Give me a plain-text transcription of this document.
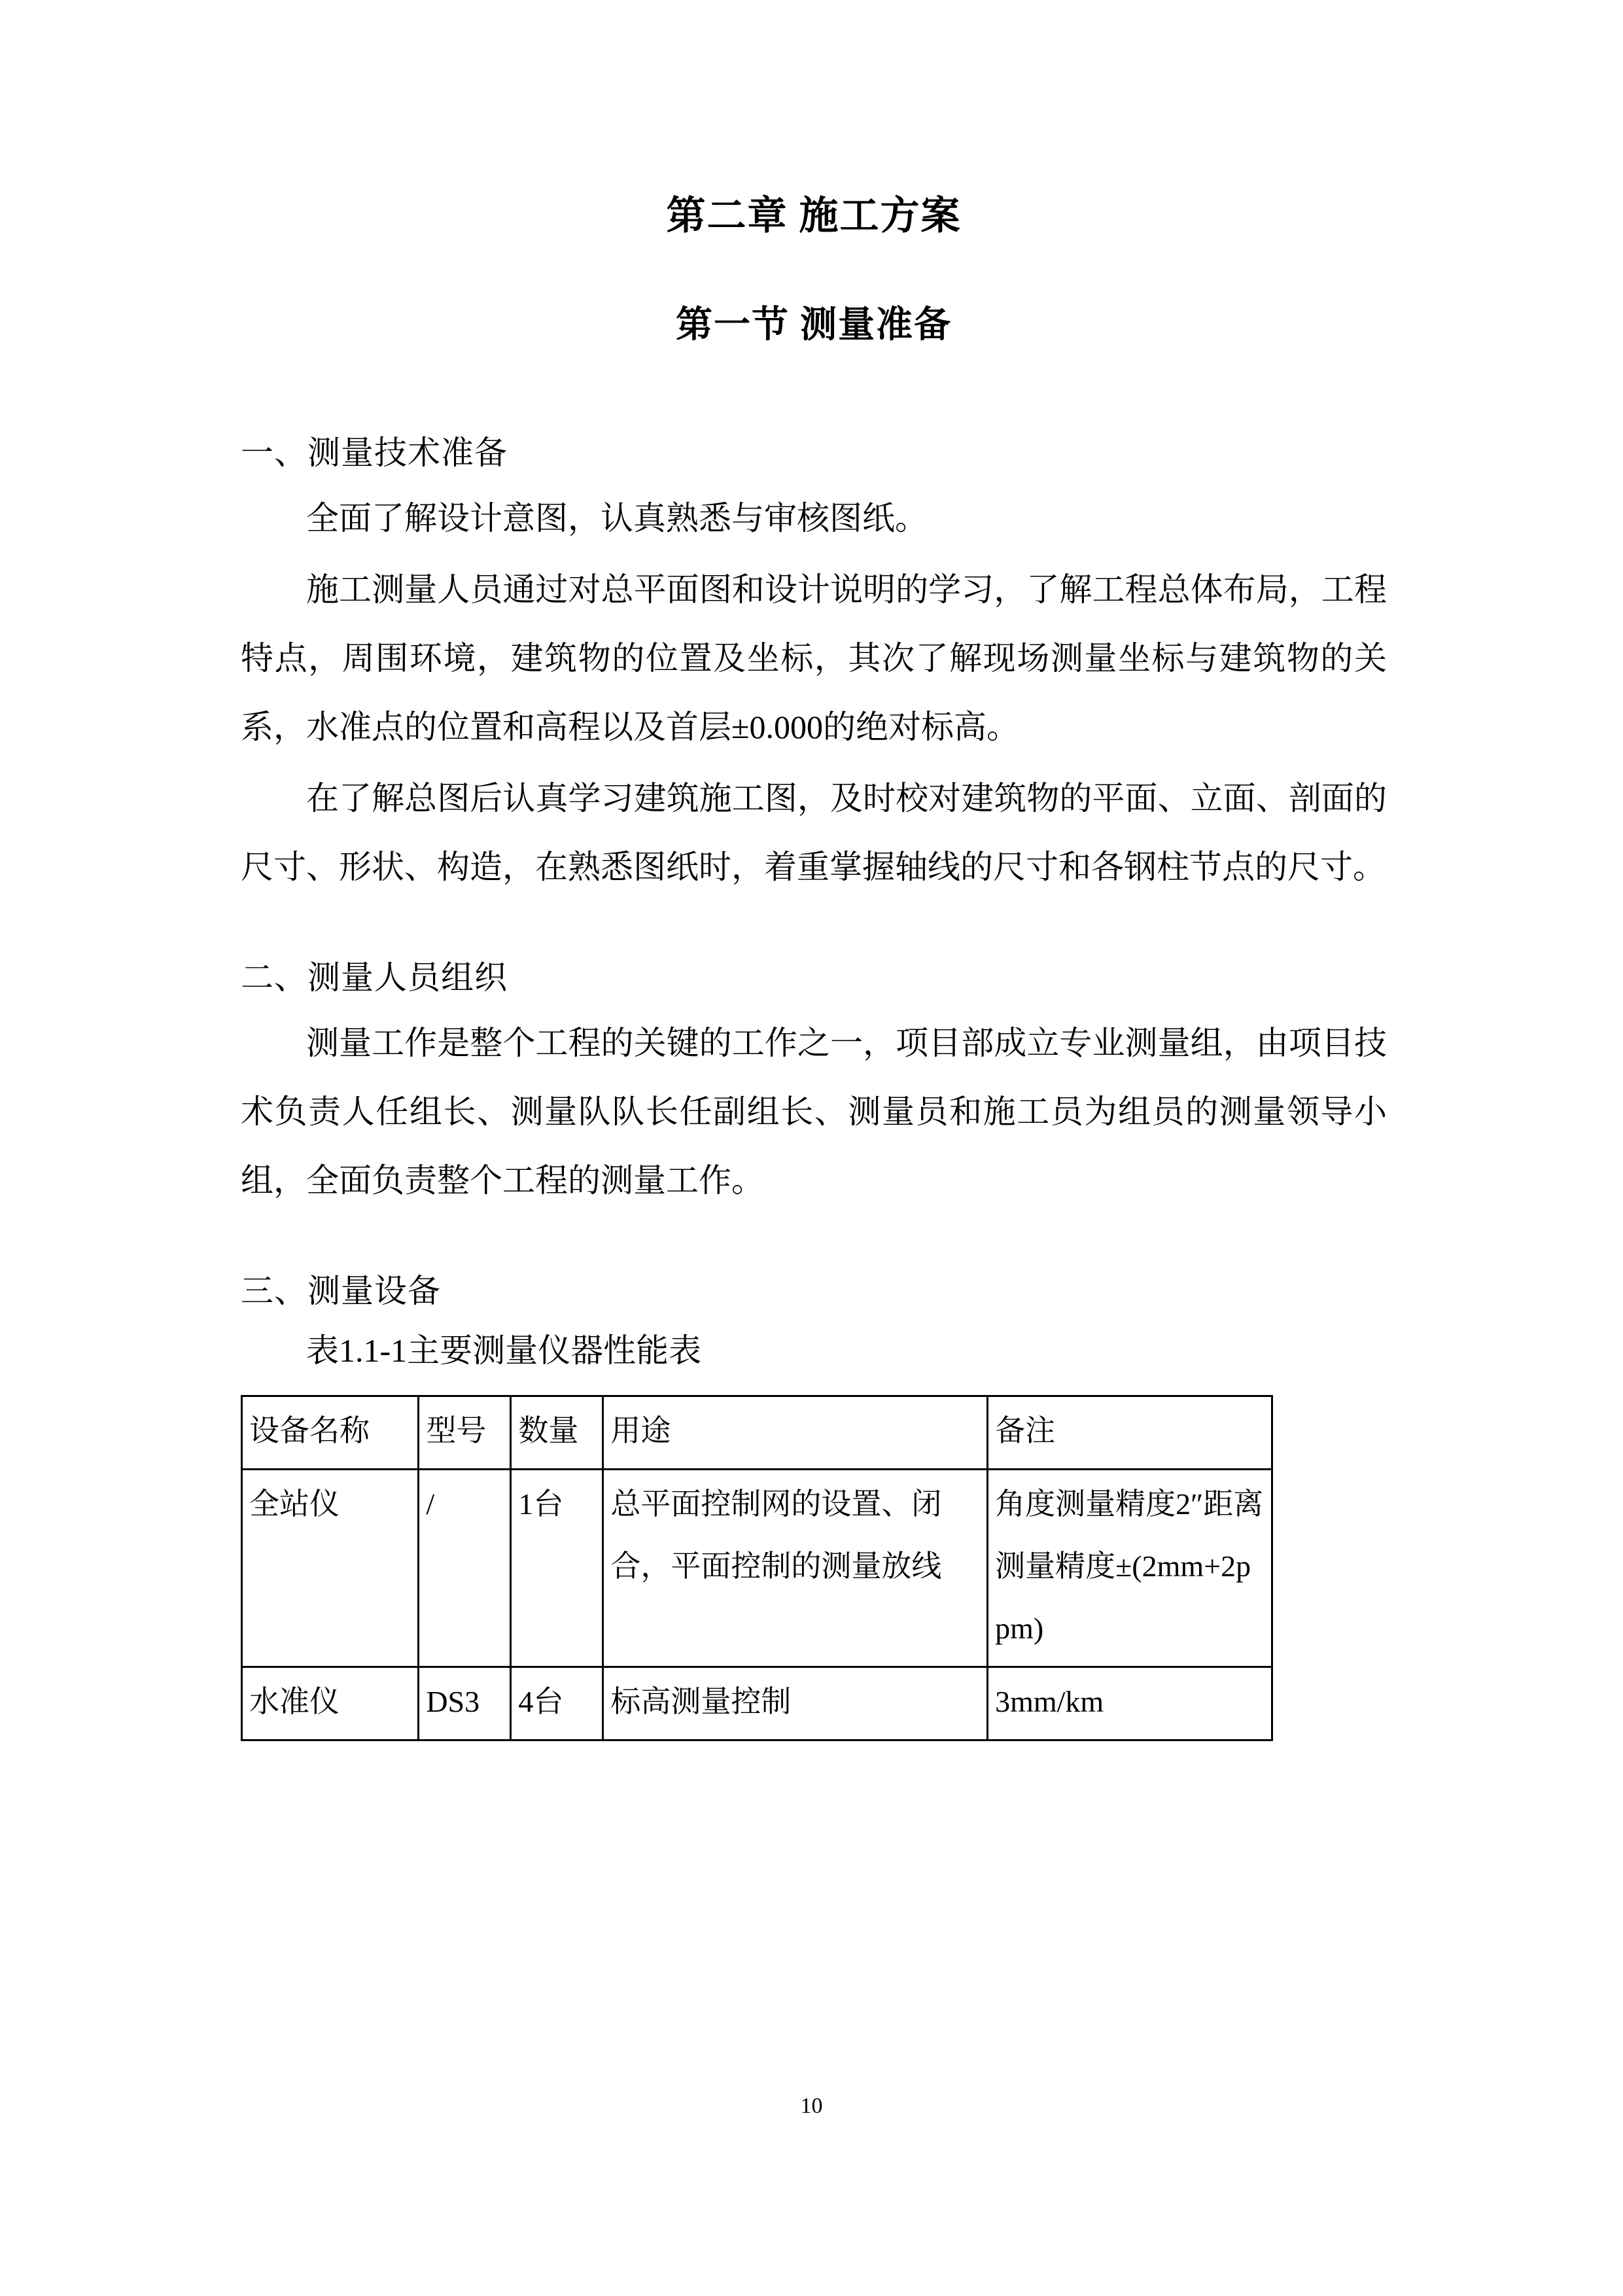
第二章 施工方案
第一节 测量准备

一、测量技术准备

全面了解设计意图，认真熟悉与审核图纸。

施工测量人员通过对总平面图和设计说明的学习，了解工程总体布局，工程特点，周围环境，建筑物的位置及坐标，其次了解现场测量坐标与建筑物的关系，水准点的位置和高程以及首层±0.000的绝对标高。

在了解总图后认真学习建筑施工图，及时校对建筑物的平面、立面、剖面的尺寸、形状、构造，在熟悉图纸时，着重掌握轴线的尺寸和各钢柱节点的尺寸。

二、测量人员组织

测量工作是整个工程的关键的工作之一，项目部成立专业测量组，由项目技术负责人任组长、测量队队长任副组长、测量员和施工员为组员的测量领导小组，全面负责整个工程的测量工作。

三、测量设备

表1.1-1主要测量仪器性能表

设备名称	型号	数量	用途	备注
全站仪	/	1台	总平面控制网的设置、闭合，平面控制的测量放线	角度测量精度2″距离测量精度±(2mm+2ppm)
水准仪	DS3	4台	标高测量控制	3mm/km
10
